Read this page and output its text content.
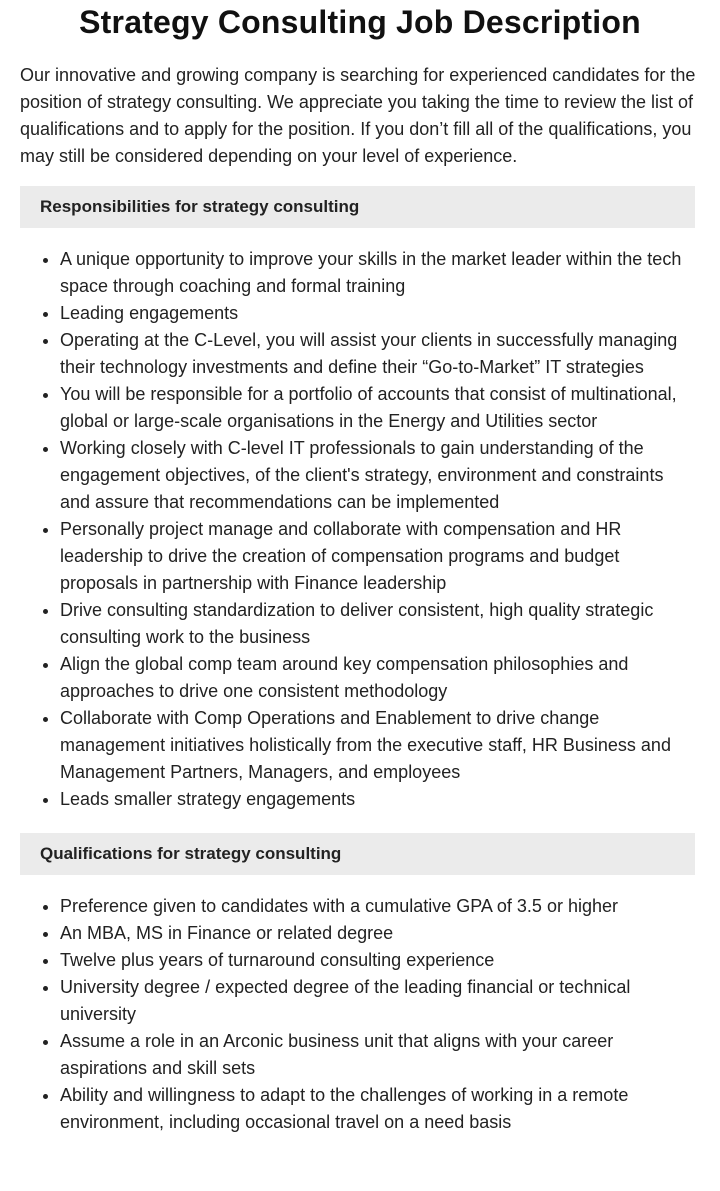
Strategy Consulting Job Description

Our innovative and growing company is searching for experienced candidates for the position of strategy consulting. We appreciate you taking the time to review the list of qualifications and to apply for the position. If you don’t fill all of the qualifications, you may still be considered depending on your level of experience.

Responsibilities for strategy consulting
• A unique opportunity to improve your skills in the market leader within the tech space through coaching and formal training
• Leading engagements
• Operating at the C-Level, you will assist your clients in successfully managing their technology investments and define their “Go-to-Market” IT strategies
• You will be responsible for a portfolio of accounts that consist of multinational, global or large-scale organisations in the Energy and Utilities sector
• Working closely with C-level IT professionals to gain understanding of the engagement objectives, of the client's strategy, environment and constraints and assure that recommendations can be implemented
• Personally project manage and collaborate with compensation and HR leadership to drive the creation of compensation programs and budget proposals in partnership with Finance leadership
• Drive consulting standardization to deliver consistent, high quality strategic consulting work to the business
• Align the global comp team around key compensation philosophies and approaches to drive one consistent methodology
• Collaborate with Comp Operations and Enablement to drive change management initiatives holistically from the executive staff, HR Business and Management Partners, Managers, and employees
• Leads smaller strategy engagements
Qualifications for strategy consulting
• Preference given to candidates with a cumulative GPA of 3.5 or higher
• An MBA, MS in Finance or related degree
• Twelve plus years of turnaround consulting experience
• University degree / expected degree of the leading financial or technical university
• Assume a role in an Arconic business unit that aligns with your career aspirations and skill sets
• Ability and willingness to adapt to the challenges of working in a remote environment, including occasional travel on a need basis
